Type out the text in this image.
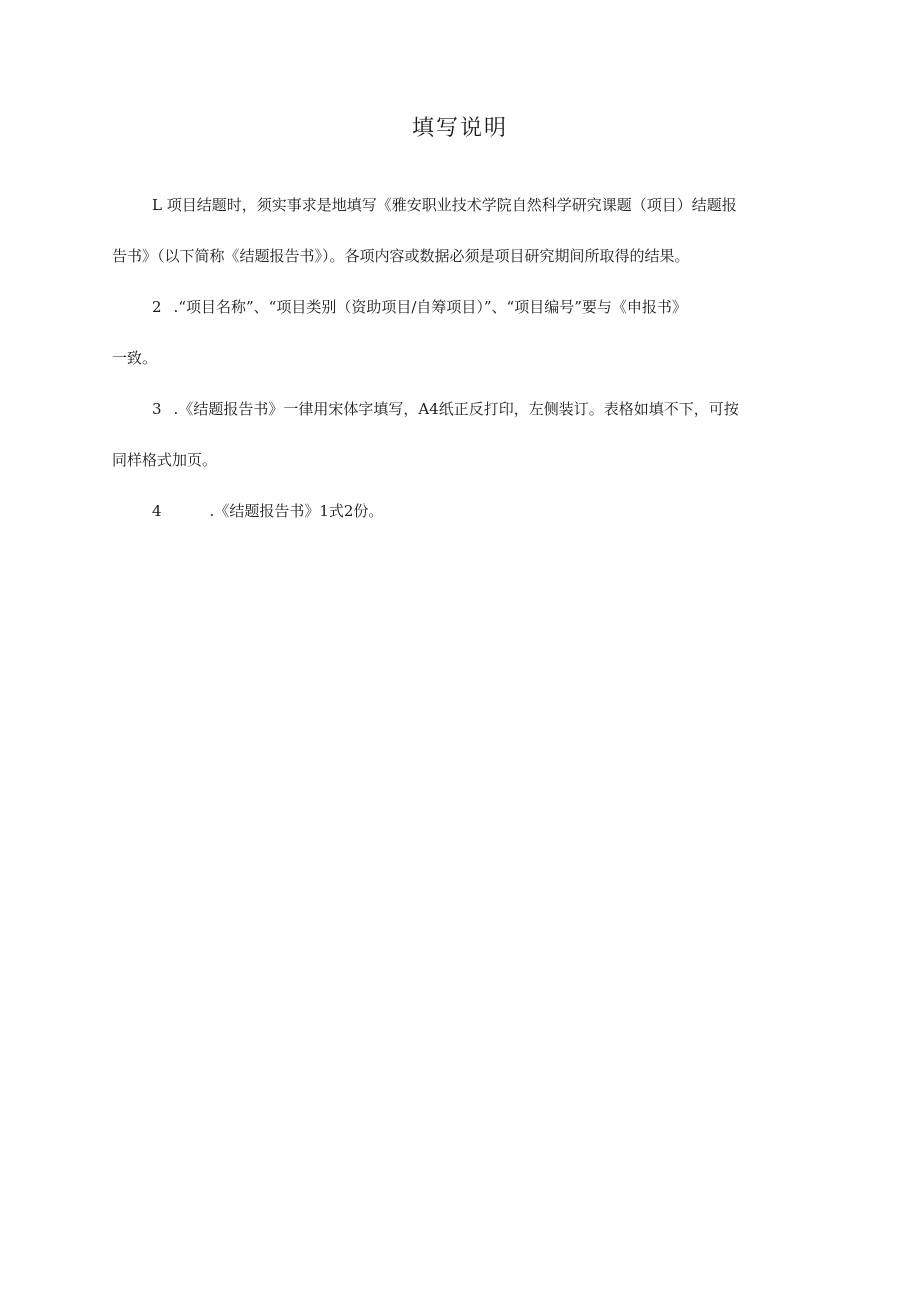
填写说明
L 项目结题时，须实事求是地填写《雅安职业技术学院自然科学研究课题（项目）结题报
告书》（以下简称《结题报告书》）。各项内容或数据必须是项目研究期间所取得的结果。
2 .“项目名称”、“项目类别（资助项目/自筹项目）”、“项目编号”要与《申报书》
一致。
3 .《结题报告书》一律用宋体字填写，A4纸正反打印，左侧装订。表格如填不下，可按
同样格式加页。
4	.《结题报告书》1式2份。
